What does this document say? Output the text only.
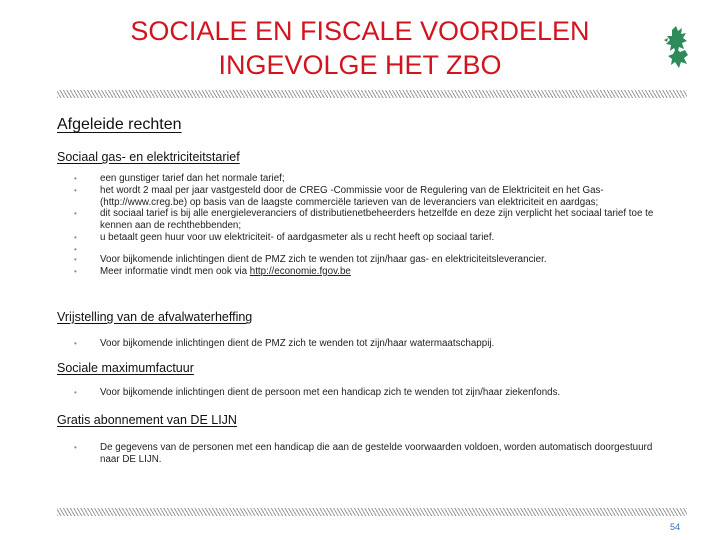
SOCIALE EN FISCALE VOORDELEN
INGEVOLGE HET ZBO
Afgeleide rechten
Sociaal gas- en elektriciteitstarief
• een gunstiger tarief dan het normale tarief;
• het wordt 2 maal per jaar vastgesteld door de CREG -Commissie voor de Regulering van de Elektriciteit en het Gas- (http://www.creg.be) op basis van de laagste commerciële tarieven van de leveranciers van elektriciteit en aardgas;
• dit sociaal tarief is bij alle energieleveranciers of distributienetbeheerders hetzelfde en deze zijn verplicht het sociaal tarief toe te kennen aan de rechthebbenden;
• u betaalt geen huur voor uw elektriciteit- of aardgasmeter als u recht heeft op sociaal tarief.
•
• Voor bijkomende inlichtingen dient de PMZ zich te wenden tot zijn/haar gas- en elektriciteitsleverancier.
• Meer informatie vindt men ook via http://economie.fgov.be
Vrijstelling van de afvalwaterheffing
• Voor bijkomende inlichtingen dient de PMZ zich te wenden tot zijn/haar watermaatschappij.
Sociale maximumfactuur
• Voor bijkomende inlichtingen dient de persoon met een handicap zich te wenden tot zijn/haar ziekenfonds.
Gratis abonnement van DE LIJN
• De gegevens van de personen met een handicap die aan de gestelde voorwaarden voldoen, worden automatisch doorgestuurd naar DE LIJN.
54
